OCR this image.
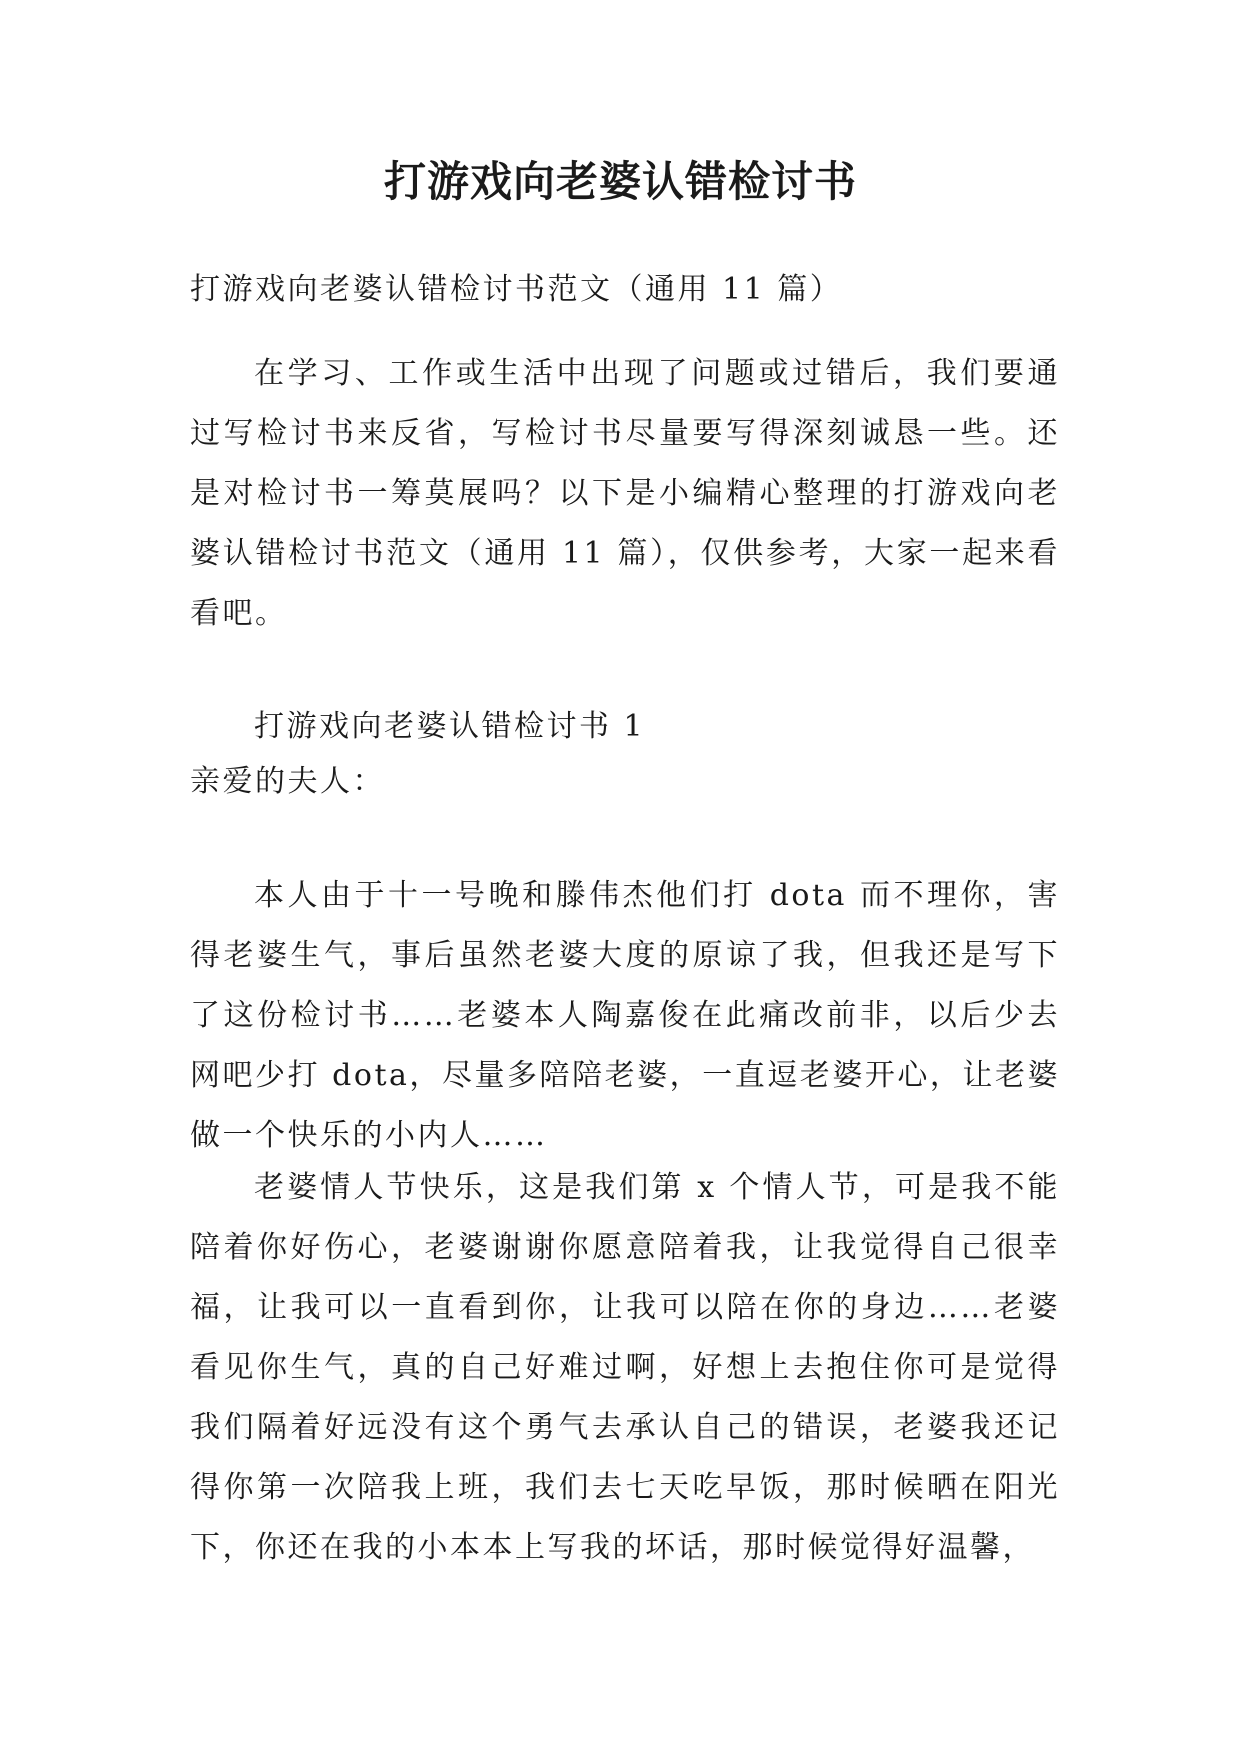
打游戏向老婆认错检讨书

打游戏向老婆认错检讨书范文（通用 11 篇）

在学习、工作或生活中出现了问题或过错后，我们要通过写检讨书来反省，写检讨书尽量要写得深刻诚恳一些。还是对检讨书一筹莫展吗？以下是小编精心整理的打游戏向老婆认错检讨书范文（通用 11 篇），仅供参考，大家一起来看看吧。

打游戏向老婆认错检讨书 1

亲爱的夫人：

本人由于十一号晚和滕伟杰他们打 dota 而不理你，害得老婆生气，事后虽然老婆大度的原谅了我，但我还是写下了这份检讨书……老婆本人陶嘉俊在此痛改前非，以后少去网吧少打 dota，尽量多陪陪老婆，一直逗老婆开心，让老婆做一个快乐的小内人……

老婆情人节快乐，这是我们第 x 个情人节，可是我不能陪着你好伤心，老婆谢谢你愿意陪着我，让我觉得自己很幸福，让我可以一直看到你，让我可以陪在你的身边……老婆看见你生气，真的自己好难过啊，好想上去抱住你可是觉得我们隔着好远没有这个勇气去承认自己的错误，老婆我还记得你第一次陪我上班，我们去七天吃早饭，那时候晒在阳光下，你还在我的小本本上写我的坏话，那时候觉得好温馨，
